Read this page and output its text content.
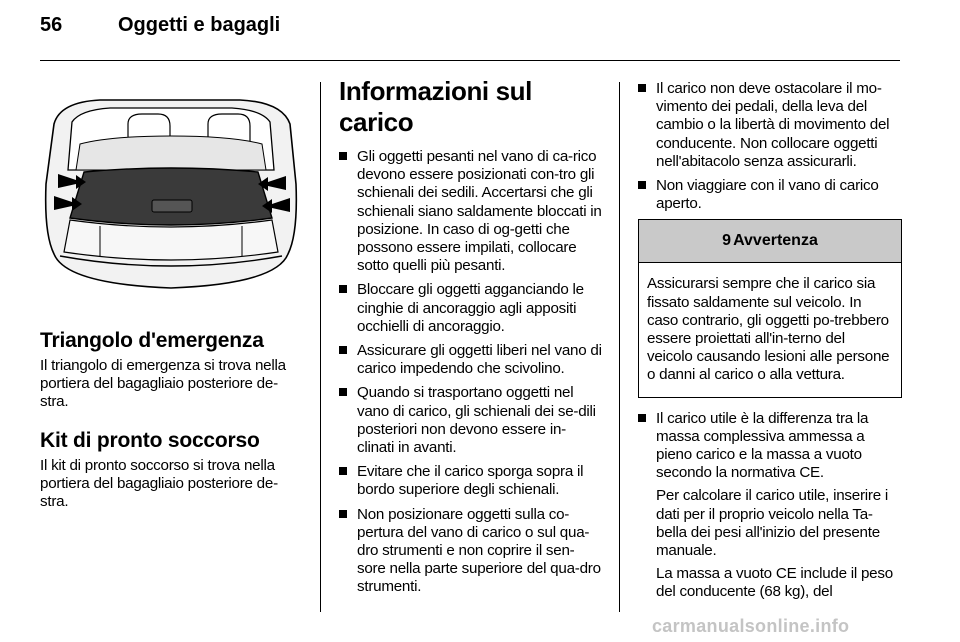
56	Oggetti e bagagli
Triangolo d'emergenza

Il triangolo di emergenza si trova nella portiera del bagagliaio posteriore de-stra.

Kit di pronto soccorso

Il kit di pronto soccorso si trova nella portiera del bagagliaio posteriore de-stra.

Informazioni sul carico
Gli oggetti pesanti nel vano di ca-rico devono essere posizionati con-tro gli schienali dei sedili. Accertarsi che gli schienali siano saldamente bloccati in posizione. In caso di og-getti che possono essere impilati, collocare sotto quelli più pesanti.
Bloccare gli oggetti agganciando le cinghie di ancoraggio agli appositi occhielli di ancoraggio.
Assicurare gli oggetti liberi nel vano di carico impedendo che scivolino.
Quando si trasportano oggetti nel vano di carico, gli schienali dei se-dili posteriori non devono essere in-clinati in avanti.
Evitare che il carico sporga sopra il bordo superiore degli schienali.
Non posizionare oggetti sulla co-pertura del vano di carico o sul qua-dro strumenti e non coprire il sen-sore nella parte superiore del qua-dro strumenti.
Il carico non deve ostacolare il mo-vimento dei pedali, della leva del cambio o la libertà di movimento del conducente. Non collocare oggetti nell'abitacolo senza assicurarli.
Non viaggiare con il vano di carico aperto.
9 Avvertenza
Assicurarsi sempre che il carico sia fissato saldamente sul veicolo. In caso contrario, gli oggetti po-trebbero essere proiettati all'in-terno del veicolo causando lesioni alle persone o danni al carico o alla vettura.
Il carico utile è la differenza tra la massa complessiva ammessa a pieno carico e la massa a vuoto secondo la normativa CE.

Per calcolare il carico utile, inserire i dati per il proprio veicolo nella Ta-bella dei pesi all'inizio del presente manuale.

La massa a vuoto CE include il peso del conducente (68 kg), del

carmanualsonline.info
